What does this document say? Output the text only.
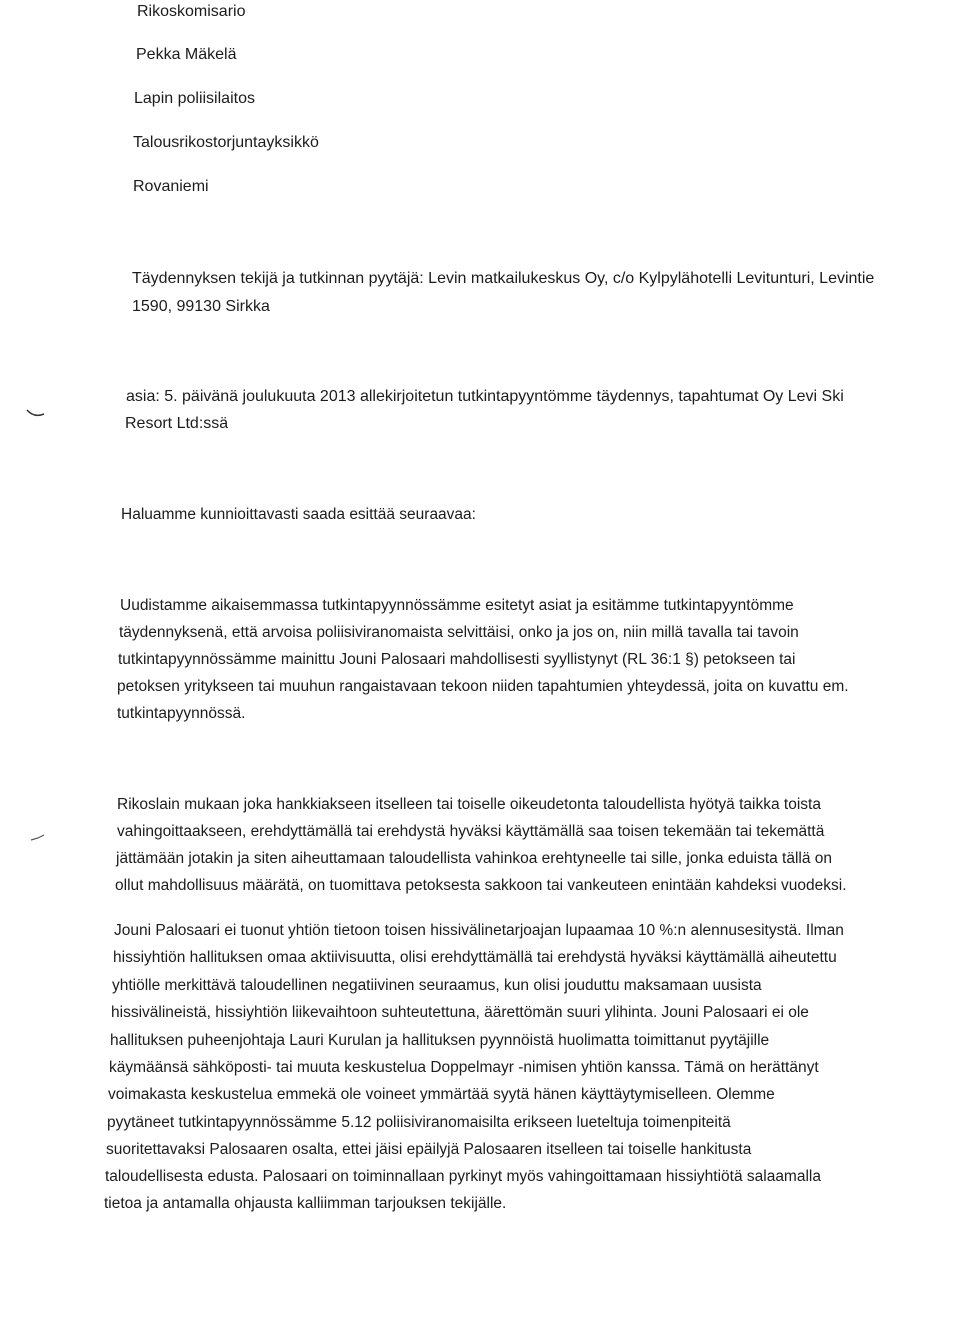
Rikoskomisario
Pekka Mäkelä
Lapin poliisilaitos
Talousrikostorjuntayksikkö
Rovaniemi
Täydennyksen tekijä ja tutkinnan pyytäjä: Levin matkailukeskus Oy, c/o Kylpylähotelli Levitunturi, Levintie
1590, 99130 Sirkka
asia: 5. päivänä joulukuuta 2013 allekirjoitetun tutkintapyyntömme täydennys, tapahtumat Oy Levi Ski
Resort Ltd:ssä
Haluamme kunnioittavasti saada esittää seuraavaa:
Uudistamme aikaisemmassa tutkintapyynnössämme esitetyt asiat ja esitämme tutkintapyyntömme
täydennyksenä, että arvoisa poliisiviranomaista selvittäisi, onko ja jos on, niin millä tavalla tai tavoin
tutkintapyynnössämme mainittu Jouni Palosaari mahdollisesti syyllistynyt (RL 36:1 §) petokseen tai
petoksen yritykseen tai muuhun rangaistavaan tekoon niiden tapahtumien yhteydessä, joita on kuvattu em.
tutkintapyynnössä.
Rikoslain mukaan joka hankkiakseen itselleen tai toiselle oikeudetonta taloudellista hyötyä taikka toista
vahingoittaakseen, erehdyttämällä tai erehdystä hyväksi käyttämällä saa toisen tekemään tai tekemättä
jättämään jotakin ja siten aiheuttamaan taloudellista vahinkoa erehtyneelle tai sille, jonka eduista tällä on
ollut mahdollisuus määrätä, on tuomittava petoksesta sakkoon tai vankeuteen enintään kahdeksi vuodeksi.
Jouni Palosaari ei tuonut yhtiön tietoon toisen hissivälinetarjoajan lupaamaa 10 %:n alennusesitystä. Ilman
hissiyhtiön hallituksen omaa aktiivisuutta, olisi erehdyttämällä tai erehdystä hyväksi käyttämällä aiheutettu
yhtiölle merkittävä taloudellinen negatiivinen seuraamus, kun olisi jouduttu maksamaan uusista
hissivälineistä, hissiyhtiön liikevaihtoon suhteutettuna, äärettömän suuri ylihinta. Jouni Palosaari ei ole
hallituksen puheenjohtaja Lauri Kurulan ja hallituksen pyynnöistä huolimatta toimittanut pyytäjille
käymäänsä sähköposti- tai muuta keskustelua Doppelmayr -nimisen yhtiön kanssa. Tämä on herättänyt
voimakasta keskustelua emmekä ole voineet ymmärtää syytä hänen käyttäytymiselleen. Olemme
pyytäneet tutkintapyynnössämme 5.12 poliisiviranomaisilta erikseen lueteltuja toimenpiteitä
suoritettavaksi Palosaaren osalta, ettei jäisi epäilyjä Palosaaren itselleen tai toiselle hankitusta
taloudellisesta edusta. Palosaari on toiminnallaan pyrkinyt myös vahingoittamaan hissiyhtiötä salaamalla
tietoa ja antamalla ohjausta kalliimman tarjouksen tekijälle.
